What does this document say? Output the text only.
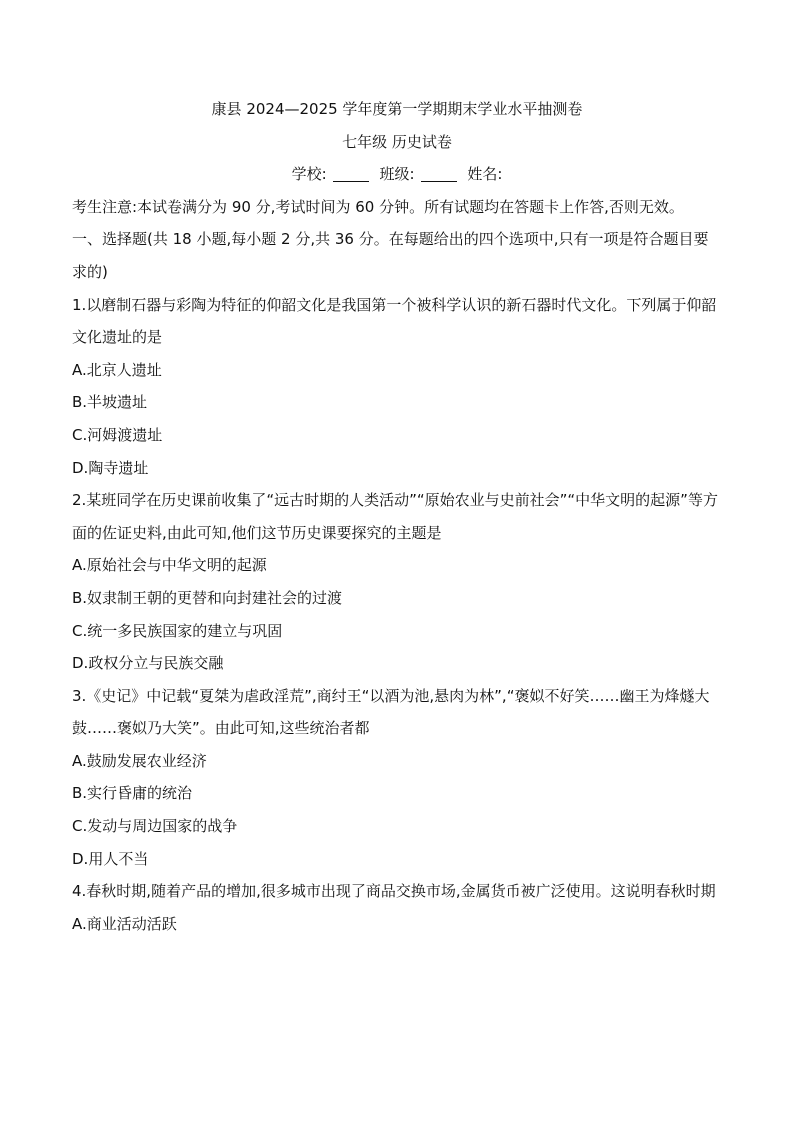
康县 2024—2025 学年度第一学期期末学业水平抽测卷
七年级 历史试卷
学校:	班级:	姓名:
考生注意:本试卷满分为 90 分,考试时间为 60 分钟。所有试题均在答题卡上作答,否则无效。
一、选择题(共 18 小题,每小题 2 分,共 36 分。在每题给出的四个选项中,只有一项是符合题目要求的)
1.以磨制石器与彩陶为特征的仰韶文化是我国第一个被科学认识的新石器时代文化。下列属于仰韶文化遗址的是
A.北京人遗址
B.半坡遗址
C.河姆渡遗址
D.陶寺遗址
2.某班同学在历史课前收集了“远古时期的人类活动”“原始农业与史前社会”“中华文明的起源”等方面的佐证史料,由此可知,他们这节历史课要探究的主题是
A.原始社会与中华文明的起源
B.奴隶制王朝的更替和向封建社会的过渡
C.统一多民族国家的建立与巩固
D.政权分立与民族交融
3.《史记》中记载“夏桀为虐政淫荒”,商纣王“以酒为池,悬肉为林”,“褒姒不好笑……幽王为烽燧大鼓……褒姒乃大笑”。由此可知,这些统治者都
A.鼓励发展农业经济
B.实行昏庸的统治
C.发动与周边国家的战争
D.用人不当
4.春秋时期,随着产品的增加,很多城市出现了商品交换市场,金属货币被广泛使用。这说明春秋时期
A.商业活动活跃
